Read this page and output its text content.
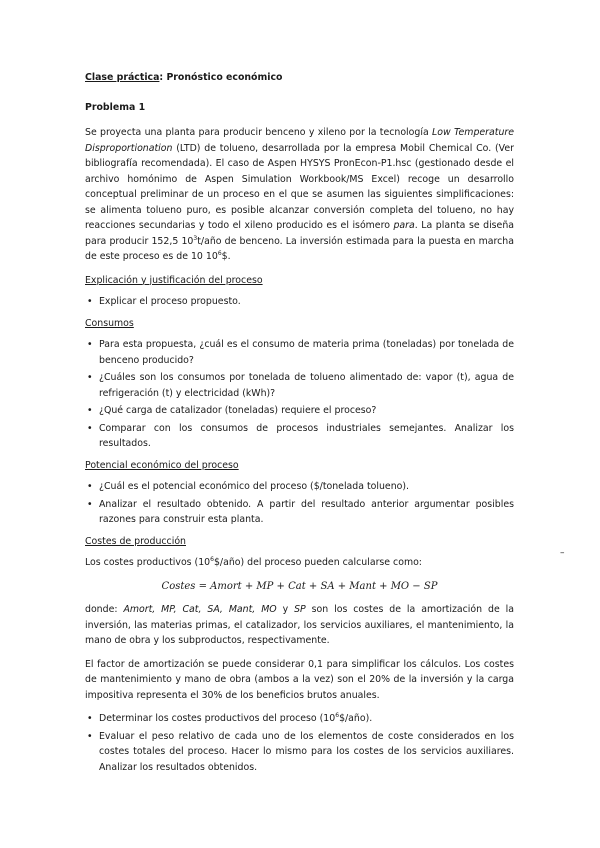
Clase práctica: Pronóstico económico
Problema 1

Se proyecta una planta para producir benceno y xileno por la tecnología Low Temperature Disproportionation (LTD) de tolueno, desarrollada por la empresa Mobil Chemical Co. (Ver bibliografía recomendada). El caso de Aspen HYSYS PronEcon-P1.hsc (gestionado desde el archivo homónimo de Aspen Simulation Workbook/MS Excel) recoge un desarrollo conceptual preliminar de un proceso en el que se asumen las siguientes simplificaciones: se alimenta tolueno puro, es posible alcanzar conversión completa del tolueno, no hay reacciones secundarias y todo el xileno producido es el isómero para. La planta se diseña para producir 152,5 $10^3t$/año de benceno. La inversión estimada para la puesta en marcha de este proceso es de 10 $10^6\$$.

Explicación y justificación del proceso
• Explicar el proceso propuesto.
Consumos
• Para esta propuesta, ¿cuál es el consumo de materia prima (toneladas) por tonelada de benceno producido?
• ¿Cuáles son los consumos por tonelada de tolueno alimentado de: vapor (t), agua de refrigeración (t) y electricidad (kWh)?
• ¿Qué carga de catalizador (toneladas) requiere el proceso?
• Comparar con los consumos de procesos industriales semejantes. Analizar los resultados.
Potencial económico del proceso
• ¿Cuál es el potencial económico del proceso ($/tonelada tolueno).
• Analizar el resultado obtenido. A partir del resultado anterior argumentar posibles razones para construir esta planta.
Costes de producción

Los costes productivos $(10^6\$/año)$ del proceso pueden calcularse como:

Costes = Amort + MP + Cat + SA + Mant + MO − SP

donde: Amort, MP, Cat, SA, Mant, MO y SP son los costes de la amortización de la inversión, las materias primas, el catalizador, los servicios auxiliares, el mantenimiento, la mano de obra y los subproductos, respectivamente.

El factor de amortización se puede considerar 0,1 para simplificar los cálculos. Los costes de mantenimiento y mano de obra (ambos a la vez) son el 20% de la inversión y la carga impositiva representa el 30% de los beneficios brutos anuales.

• Determinar los costes productivos del proceso $(10^6\$/año)$.
• Evaluar el peso relativo de cada uno de los elementos de coste considerados en los costes totales del proceso. Hacer lo mismo para los costes de los servicios auxiliares. Analizar los resultados obtenidos.
–
